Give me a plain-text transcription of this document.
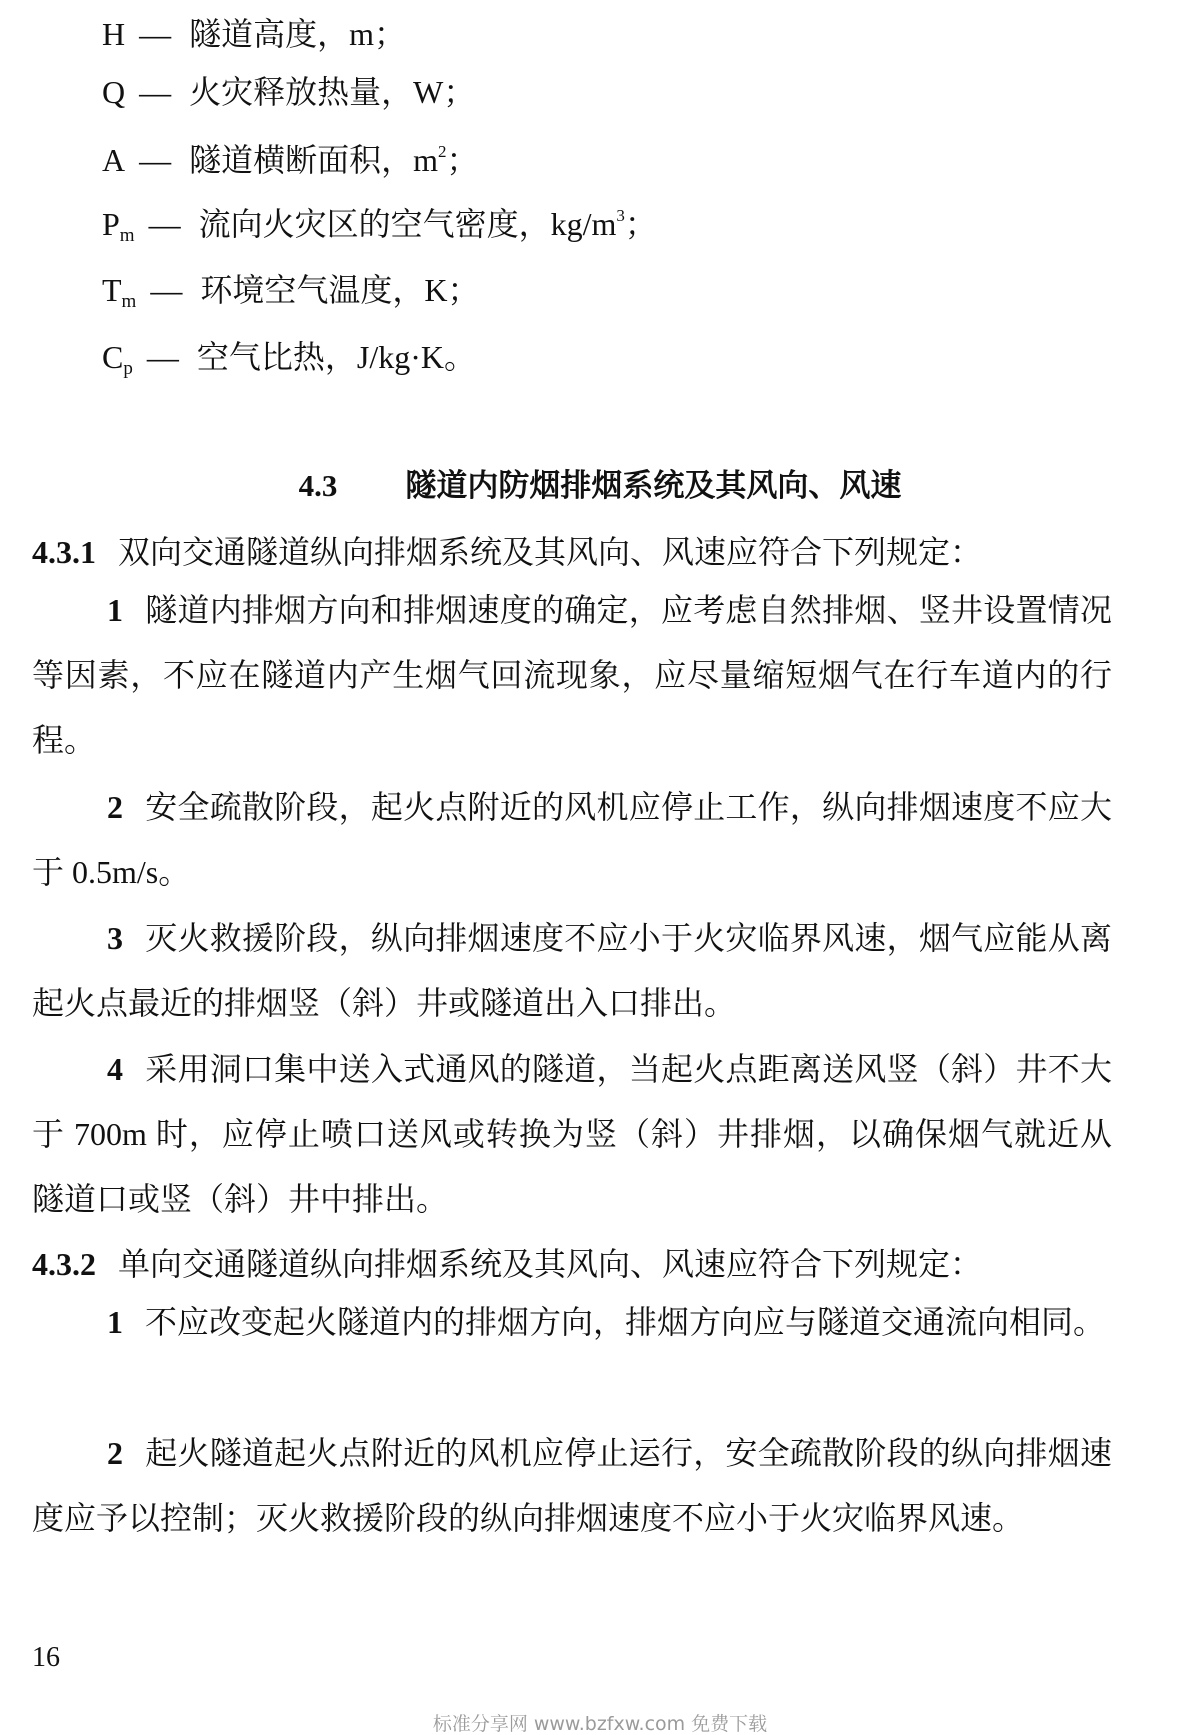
H — 隧道高度，m；
Q — 火灾释放热量，W；
A — 隧道横断面积，$m^2$；
$P_m$ — 流向火灾区的空气密度，$kg/m^3$；
$T_m$ — 环境空气温度，K；
$C_p$ — 空气比热，J/kg·K。
4.3 隧道内防烟排烟系统及其风向、风速
4.3.1 双向交通隧道纵向排烟系统及其风向、风速应符合下列规定：
1 隧道内排烟方向和排烟速度的确定，应考虑自然排烟、竖井设置情况等因素，不应在隧道内产生烟气回流现象，应尽量缩短烟气在行车道内的行程。
2 安全疏散阶段，起火点附近的风机应停止工作，纵向排烟速度不应大于 0.5m/s。
3 灭火救援阶段，纵向排烟速度不应小于火灾临界风速，烟气应能从离起火点最近的排烟竖（斜）井或隧道出入口排出。
4 采用洞口集中送入式通风的隧道，当起火点距离送风竖（斜）井不大于 700m 时，应停止喷口送风或转换为竖（斜）井排烟，以确保烟气就近从隧道口或竖（斜）井中排出。
4.3.2 单向交通隧道纵向排烟系统及其风向、风速应符合下列规定：
1 不应改变起火隧道内的排烟方向，排烟方向应与隧道交通流向相同。
2 起火隧道起火点附近的风机应停止运行，安全疏散阶段的纵向排烟速度应予以控制；灭火救援阶段的纵向排烟速度不应小于火灾临界风速。
16
标准分享网 www.bzfxw.com 免费下载
